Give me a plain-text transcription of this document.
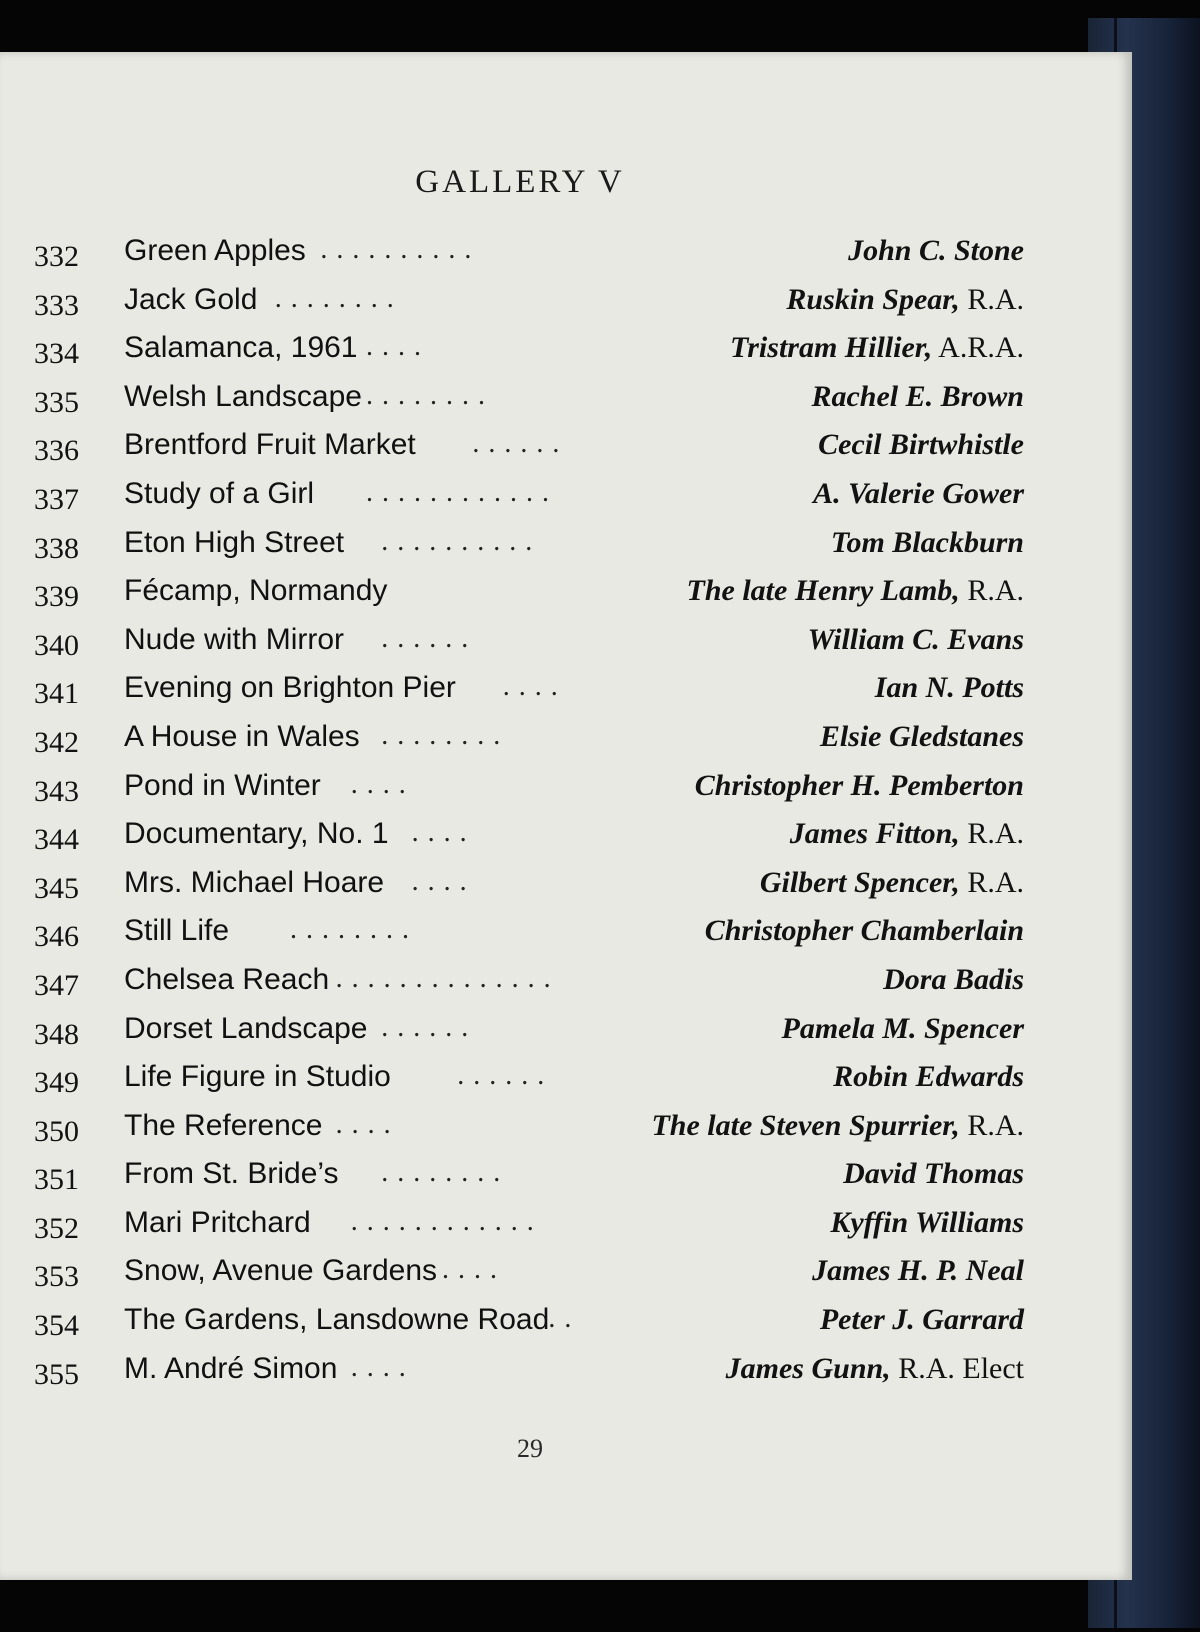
GALLERY V
332 Green Apples . . . . . . . . . .	John C. Stone
333 Jack Gold . . . . . . . .	Ruskin Spear, R.A.
334 Salamanca, 1961 . . . .	Tristram Hillier, A.R.A.
335 Welsh Landscape . . . . . . . .	Rachel E. Brown
336 Brentford Fruit Market . . . . . .	Cecil Birtwhistle
337 Study of a Girl . . . . . . . . . . . .	A. Valerie Gower
338 Eton High Street . . . . . . . . . .	Tom Blackburn
339 Fécamp, Normandy	The late Henry Lamb, R.A.
340 Nude with Mirror . . . . . .	William C. Evans
341 Evening on Brighton Pier . . . .	Ian N. Potts
342 A House in Wales . . . . . . . .	Elsie Gledstanes
343 Pond in Winter . . . .	Christopher H. Pemberton
344 Documentary, No. 1 . . . .	James Fitton, R.A.
345 Mrs. Michael Hoare . . . .	Gilbert Spencer, R.A.
346 Still Life . . . . . . . .	Christopher Chamberlain
347 Chelsea Reach . . . . . . . . . . . . . .	Dora Badis
348 Dorset Landscape . . . . . .	Pamela M. Spencer
349 Life Figure in Studio . . . . . .	Robin Edwards
350 The Reference . . . .	The late Steven Spurrier, R.A.
351 From St. Bride’s . . . . . . . .	David Thomas
352 Mari Pritchard . . . . . . . . . . . .	Kyffin Williams
353 Snow, Avenue Gardens . . . .	James H. P. Neal
354 The Gardens, Lansdowne Road . .	Peter J. Garrard
355 M. André Simon . . . .	James Gunn, R.A. Elect
29
